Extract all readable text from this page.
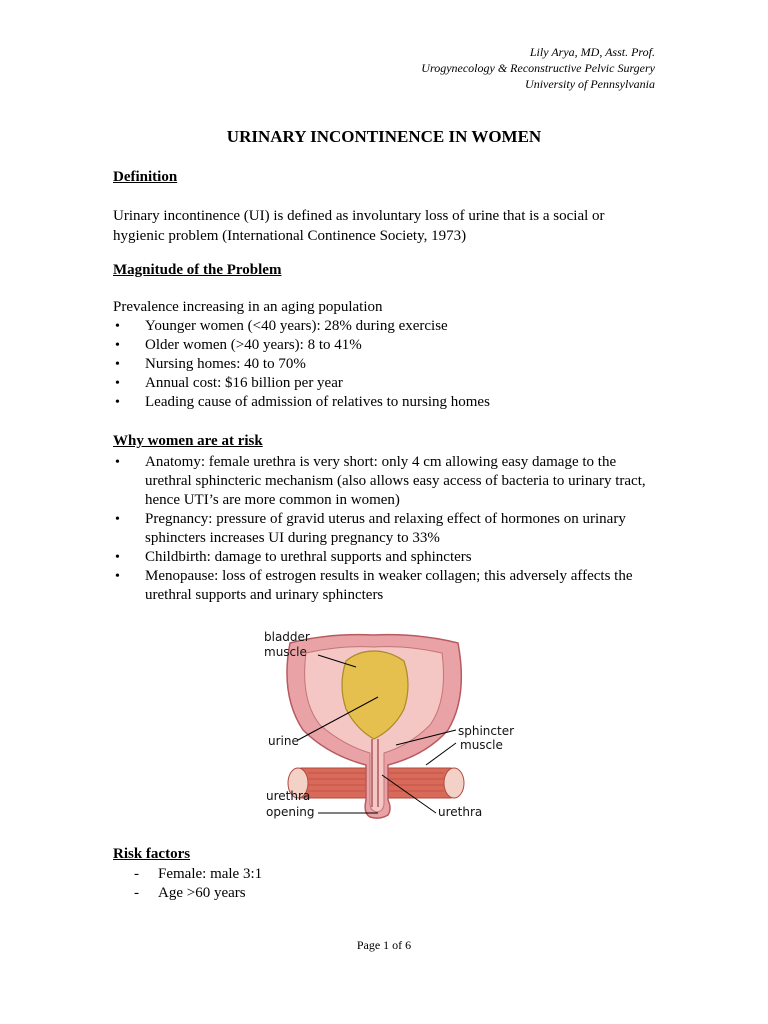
Lily Arya, MD, Asst. Prof.
Urogynecology & Reconstructive Pelvic Surgery
University of Pennsylvania
URINARY INCONTINENCE IN WOMEN
Definition
Urinary incontinence (UI) is defined as involuntary loss of urine that is a social or
hygienic problem (International Continence Society, 1973)
Magnitude of the Problem
Prevalence increasing in an aging population
• Younger women (<40 years): 28% during exercise
• Older women (>40 years): 8 to 41%
• Nursing homes: 40 to 70%
• Annual cost: $16 billion per year
• Leading cause of admission of relatives to nursing homes
Why women are at risk
• Anatomy: female urethra is very short: only 4 cm allowing easy damage to the urethral sphincteric mechanism (also allows easy access of bacteria to urinary tract, hence UTI’s are more common in women)
• Pregnancy: pressure of gravid uterus and relaxing effect of hormones on urinary sphincters increases UI during pregnancy to 33%
• Childbirth: damage to urethral supports and sphincters
• Menopause: loss of estrogen results in weaker collagen; this adversely affects the urethral supports and urinary sphincters
bladder
muscle
urine
sphincter
muscle
urethra
opening	urethra
Risk factors
- Female: male 3:1
- Age >60 years
Page 1 of 6
